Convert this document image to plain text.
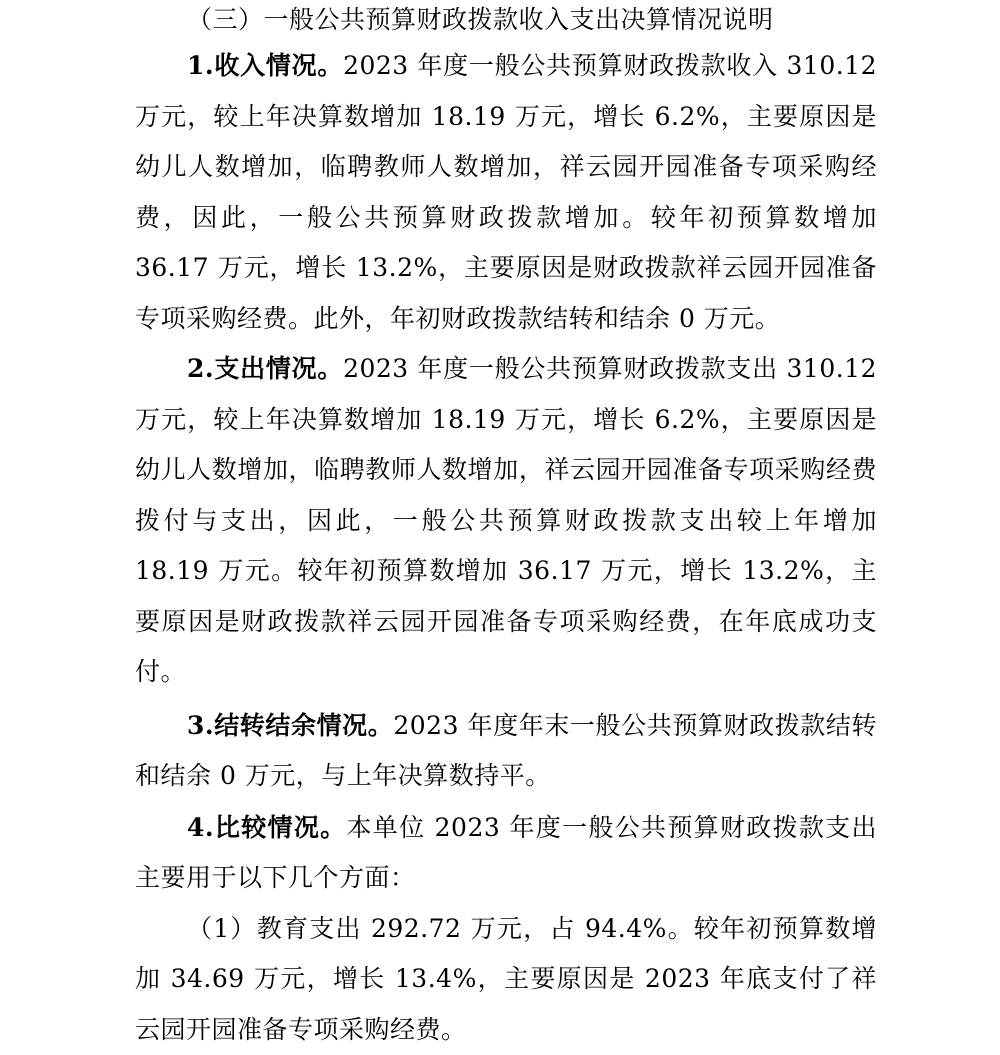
（三）一般公共预算财政拨款收入支出决算情况说明

1.收入情况。2023 年度一般公共预算财政拨款收入 310.12 万元，较上年决算数增加 18.19 万元，增长 6.2%，主要原因是幼儿人数增加，临聘教师人数增加，祥云园开园准备专项采购经费，因此，一般公共预算财政拨款增加。较年初预算数增加 36.17 万元，增长 13.2%，主要原因是财政拨款祥云园开园准备专项采购经费。此外，年初财政拨款结转和结余 0 万元。

2.支出情况。2023 年度一般公共预算财政拨款支出 310.12 万元，较上年决算数增加 18.19 万元，增长 6.2%，主要原因是幼儿人数增加，临聘教师人数增加，祥云园开园准备专项采购经费拨付与支出，因此，一般公共预算财政拨款支出较上年增加 18.19 万元。较年初预算数增加 36.17 万元，增长 13.2%，主要原因是财政拨款祥云园开园准备专项采购经费，在年底成功支付。

3.结转结余情况。2023 年度年末一般公共预算财政拨款结转和结余 0 万元，与上年决算数持平。

4.比较情况。本单位 2023 年度一般公共预算财政拨款支出主要用于以下几个方面：

（1）教育支出 292.72 万元，占 94.4%。较年初预算数增加 34.69 万元，增长 13.4%，主要原因是 2023 年底支付了祥云园开园准备专项采购经费。
